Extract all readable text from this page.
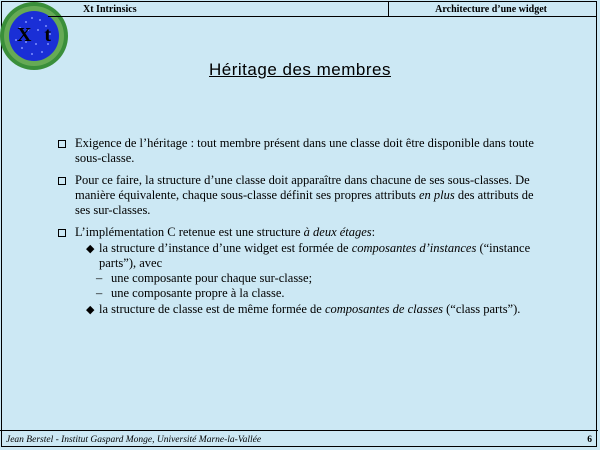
X t
Xt Intrinsics	Architecture d’une widget
Héritage des membres
Exigence de l’héritage : tout membre présent dans une classe doit être disponible dans toute sous-classe.
Pour ce faire, la structure d’une classe doit apparaître dans chacune de ses sous-classes. De manière équivalente, chaque sous-classe définit ses propres attributs en plus des attributs de ses sur-classes.
L’implémentation C retenue est une structure à deux étages:
◆ la structure d’instance d’une widget est formée de composantes d’instances (“instance parts”), avec
– une composante pour chaque sur-classe;
– une composante propre à la classe.
◆ la structure de classe est de même formée de composantes de classes (“class parts”).
Jean Berstel - Institut Gaspard Monge, Université Marne-la-Vallée	6
